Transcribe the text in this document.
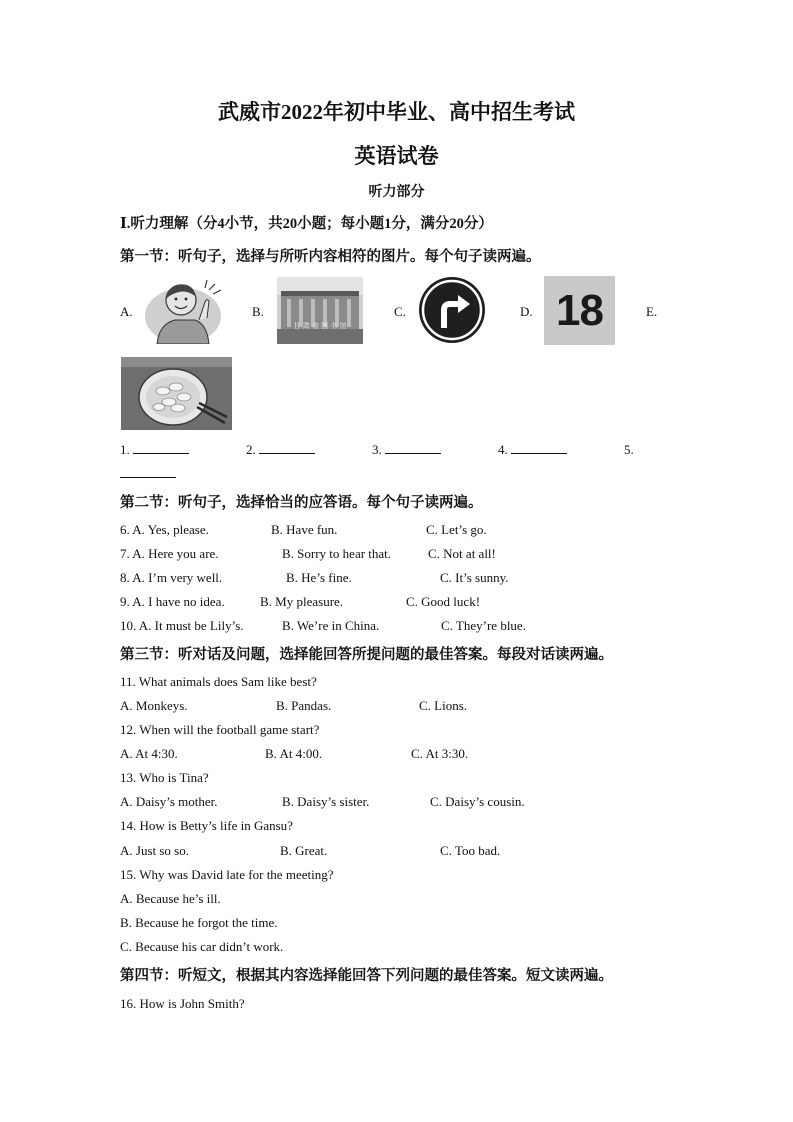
武威市2022年初中毕业、高中招生考试
英语试卷
听力部分
Ⅰ.听力理解（分4小节，共20小题；每小题1分，满分20分）
第一节：听句子，选择与所听内容相符的图片。每个句子读两遍。
A.	B.
甘 肃 省 图 书 馆
C.	D. 18	E.
1.	2.	3.	4.	5.
第二节：听句子，选择恰当的应答语。每个句子读两遍。
6. A. Yes, please.	B. Have fun.	C. Let’s go.
7. A. Here you are.	B. Sorry to hear that.	C. Not at all!
8. A. I’m very well.	B. He’s fine.	C. It’s sunny.
9. A. I have no idea.	B. My pleasure.	C. Good luck!
10. A. It must be Lily’s.	B. We’re in China.	C. They’re blue.
第三节：听对话及问题，选择能回答所提问题的最佳答案。每段对话读两遍。
11. What animals does Sam like best?
A. Monkeys.	B. Pandas.	C. Lions.
12. When will the football game start?
A. At 4:30.	B. At 4:00.	C. At 3:30.
13. Who is Tina?
A. Daisy’s mother.	B. Daisy’s sister.	C. Daisy’s cousin.
14. How is Betty’s life in Gansu?
A. Just so so.	B. Great.	C. Too bad.
15. Why was David late for the meeting?
A. Because he’s ill.
B. Because he forgot the time.
C. Because his car didn’t work.
第四节：听短文，根据其内容选择能回答下列问题的最佳答案。短文读两遍。
16. How is John Smith?
